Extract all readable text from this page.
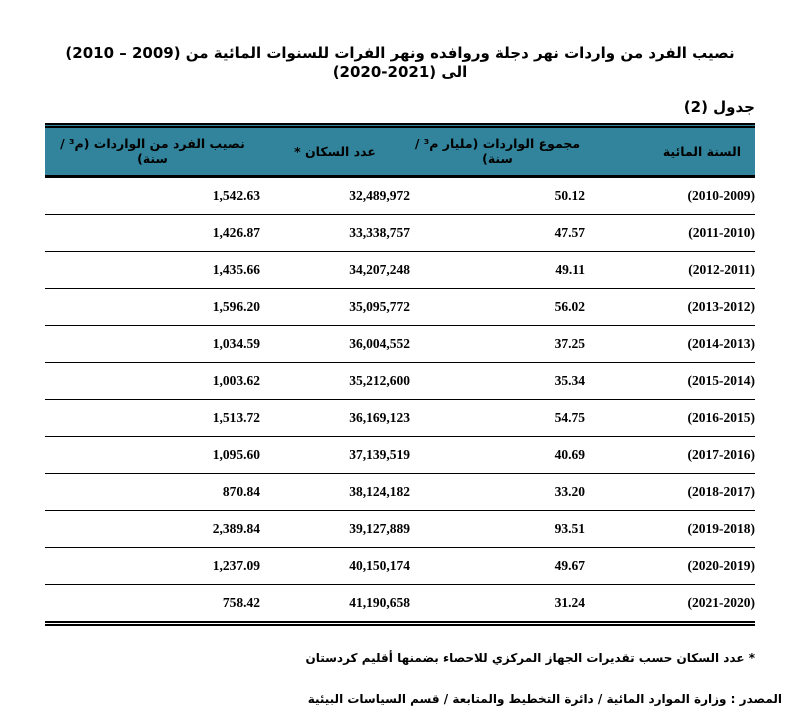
نصيب الفرد من واردات نهر دجلة وروافده ونهر الفرات للسنوات المائية من (2009 – 2010) الى (2021-2020)
جدول (2)
السنة المائية	مجموع الواردات (مليار م³ / سنة)	عدد السكان *	نصيب الفرد من الواردات (م³ / سنة)
(2010-2009)	50.12	32,489,972	1,542.63
(2011-2010)	47.57	33,338,757	1,426.87
(2012-2011)	49.11	34,207,248	1,435.66
(2013-2012)	56.02	35,095,772	1,596.20
(2014-2013)	37.25	36,004,552	1,034.59
(2015-2014)	35.34	35,212,600	1,003.62
(2016-2015)	54.75	36,169,123	1,513.72
(2017-2016)	40.69	37,139,519	1,095.60
(2018-2017)	33.20	38,124,182	870.84
(2019-2018)	93.51	39,127,889	2,389.84
(2020-2019)	49.67	40,150,174	1,237.09
(2021-2020)	31.24	41,190,658	758.42
* عدد السكان حسب تقديرات الجهاز المركزي للاحصاء بضمنها أقليم كردستان
المصدر : وزارة الموارد المائية / دائرة التخطيط والمتابعة / قسم السياسات البيئية
